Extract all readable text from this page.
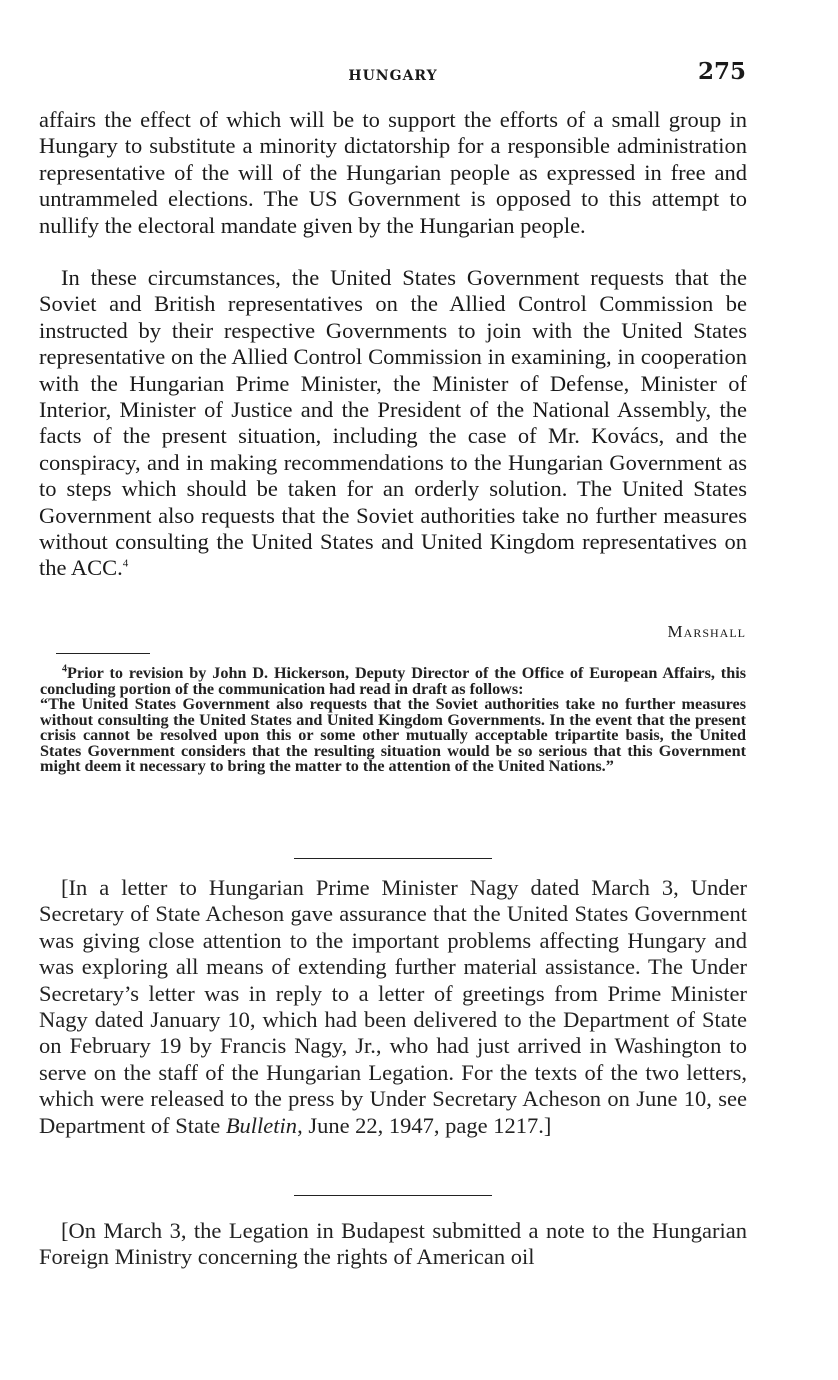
HUNGARY	275

affairs the effect of which will be to support the efforts of a small group in Hungary to substitute a minority dictatorship for a responsible administration representative of the will of the Hungarian people as expressed in free and untrammeled elections. The US Government is opposed to this attempt to nullify the electoral mandate given by the Hungarian people.

In these circumstances, the United States Government requests that the Soviet and British representatives on the Allied Control Commission be instructed by their respective Governments to join with the United States representative on the Allied Control Commission in examining, in cooperation with the Hungarian Prime Minister, the Minister of Defense, Minister of Interior, Minister of Justice and the President of the National Assembly, the facts of the present situation, including the case of Mr. Kovács, and the conspiracy, and in making recommendations to the Hungarian Government as to steps which should be taken for an orderly solution. The United States Government also requests that the Soviet authorities take no further measures without consulting the United States and United Kingdom representatives on the ACC.$^4$

Marshall

$^4$Prior to revision by John D. Hickerson, Deputy Director of the Office of European Affairs, this concluding portion of the communication had read in draft as follows:

“The United States Government also requests that the Soviet authorities take no further measures without consulting the United States and United Kingdom Governments. In the event that the present crisis cannot be resolved upon this or some other mutually acceptable tripartite basis, the United States Government considers that the resulting situation would be so serious that this Government might deem it necessary to bring the matter to the attention of the United Nations.”

[In a letter to Hungarian Prime Minister Nagy dated March 3, Under Secretary of State Acheson gave assurance that the United States Government was giving close attention to the important problems affecting Hungary and was exploring all means of extending further material assistance. The Under Secretary’s letter was in reply to a letter of greetings from Prime Minister Nagy dated January 10, which had been delivered to the Department of State on February 19 by Francis Nagy, Jr., who had just arrived in Washington to serve on the staff of the Hungarian Legation. For the texts of the two letters, which were released to the press by Under Secretary Acheson on June 10, see Department of State Bulletin, June 22, 1947, page 1217.]

[On March 3, the Legation in Budapest submitted a note to the Hungarian Foreign Ministry concerning the rights of American oil
